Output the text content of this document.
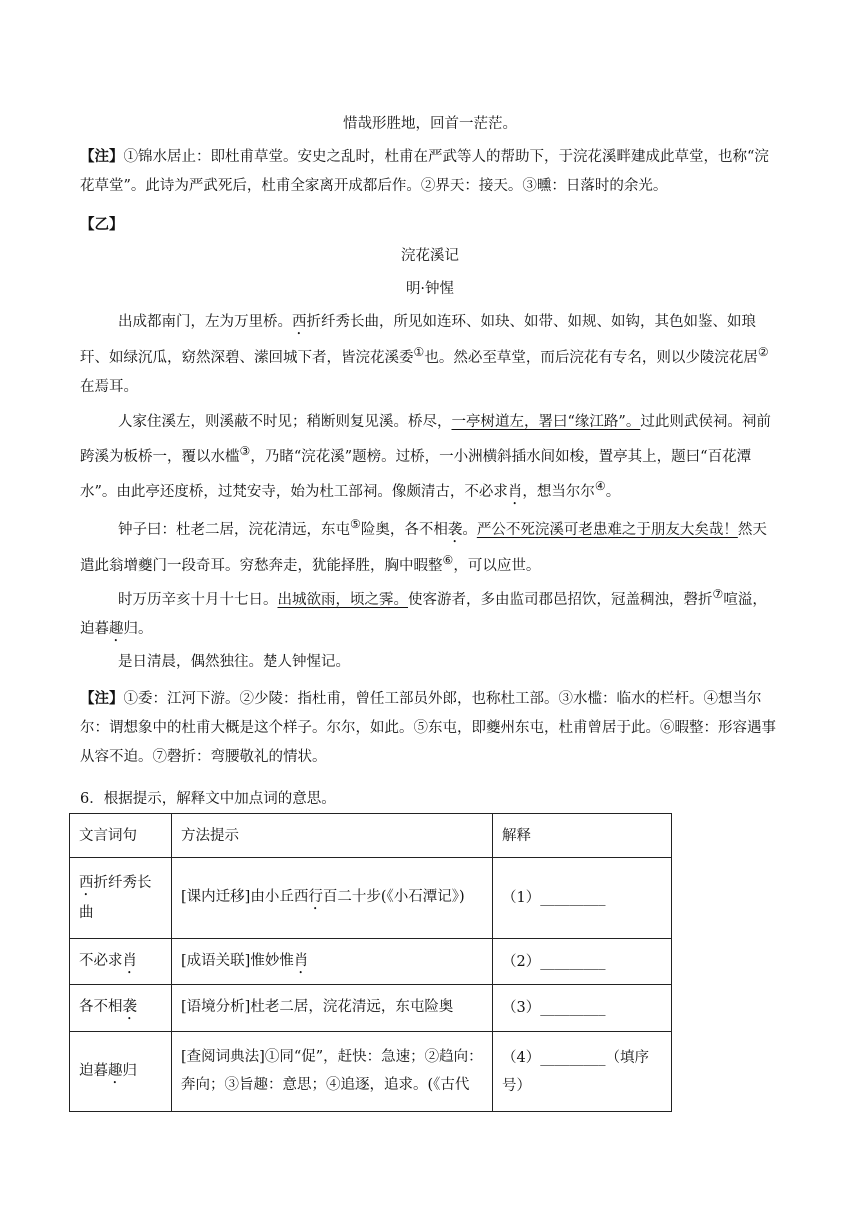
惜哉形胜地，回首一茫茫。
【注】①锦水居止：即杜甫草堂。安史之乱时，杜甫在严武等人的帮助下，于浣花溪畔建成此草堂，也称“浣花草堂”。此诗为严武死后，杜甫全家离开成都后作。②界天：接天。③曛：日落时的余光。
【乙】
浣花溪记
明·钟惺
出成都南门，左为万里桥。西折纤秀长曲，所见如连环、如玦、如带、如规、如钩，其色如鉴、如琅玕、如绿沉瓜，窈然深碧、潆回城下者，皆浣花溪委①也。然必至草堂，而后浣花有专名，则以少陵浣花居②在焉耳。
人家住溪左，则溪蔽不时见；稍断则复见溪。桥尽，一亭树道左，署曰“缘江路”。过此则武侯祠。祠前跨溪为板桥一，覆以水槛③，乃睹“浣花溪”题榜。过桥，一小洲横斜插水间如梭，置亭其上，题曰“百花潭水”。由此亭还度桥，过梵安寺，始为杜工部祠。像颇清古，不必求肖，想当尔尔④。
钟子曰：杜老二居，浣花清远，东屯⑤险奥，各不相袭。严公不死浣溪可老患难之于朋友大矣哉！然天遣此翁增夔门一段奇耳。穷愁奔走，犹能择胜，胸中暇整⑥，可以应世。
时万历辛亥十月十七日。出城欲雨，顷之霁。使客游者，多由监司郡邑招饮，冠盖稠浊，磬折⑦喧溢，迫暮趣归。
是日清晨，偶然独往。楚人钟惺记。
【注】①委：江河下游。②少陵：指杜甫，曾任工部员外郎，也称杜工部。③水槛：临水的栏杆。④想当尔尔：谓想象中的杜甫大概是这个样子。尔尔，如此。⑤东屯，即夔州东屯，杜甫曾居于此。⑥暇整：形容遇事从容不迫。⑦磬折：弯腰敬礼的情状。
6．根据提示，解释文中加点词的意思。
文言词句	方法提示	解释
西折纤秀长曲	[课内迁移]由小丘西行百二十步(《小石潭记》)	（1）_________
不必求肖	[成语关联]惟妙惟肖	（2）_________
各不相袭	[语境分析]杜老二居，浣花清远，东屯险奥	（3）_________
迫暮趣归	[查阅词典法]①同“促”，赶快：急速；②趋向：奔向；③旨趣：意思；④追逐，追求。(《古代	（4）_________（填序号）
